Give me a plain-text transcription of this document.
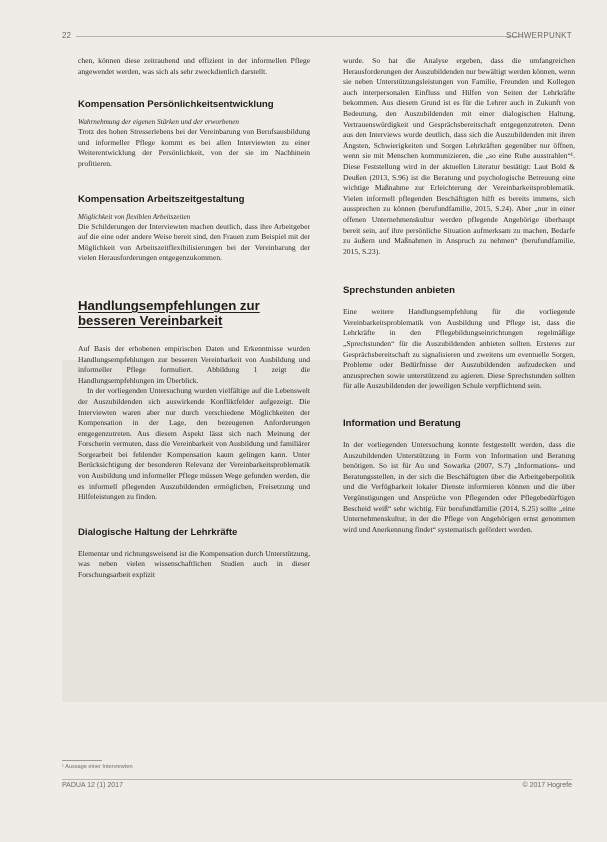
22	SCHWERPUNKT

chen, können diese zeitraubend und effizient in der informellen Pflege angewendet werden, was sich als sehr zweckdienlich darstellt.

Kompensation Persönlichkeitsentwicklung
Wahrnehmung der eigenen Stärken und der erworbenen

Trotz des hohen Stresserlebens bei der Vereinbarung von Berufsausbildung und informeller Pflege kommt es bei allen Interviewten zu einer Weiterentwicklung der Persönlichkeit, von der sie im Nachhinein profitieren.

Kompensation Arbeitszeitgestaltung
Möglichkeit von flexiblen Arbeitszeiten

Die Schilderungen der Interviewten machen deutlich, dass ihre Arbeitgeber auf die eine oder andere Weise bereit sind, den Frauen zum Beispiel mit der Möglichkeit von Arbeitszeitflexibilisierungen bei der Vereinbarung der vielen Herausforderungen entgegenzukommen.

Handlungsempfehlungen zur besseren Vereinbarkeit

Auf Basis der erhobenen empirischen Daten und Erkenntnisse wurden Handlungsempfehlungen zur besseren Vereinbarkeit von Ausbildung und informeller Pflege formuliert. Abbildung 1 zeigt die Handlungsempfehlungen im Überblick.

In der vorliegenden Untersuchung wurden vielfältige auf die Lebenswelt der Auszubildenden sich auswirkende Konfliktfelder aufgezeigt. Die Interviewten waren aber nur durch verschiedene Möglichkeiten der Kompensation in der Lage, den bezeugenen Anforderungen entgegenzutreten. Aus diesem Aspekt lässt sich nach Meinung der Forscherin vermuten, dass die Vereinbarkeit von Ausbildung und familiärer Sorgearbeit bei fehlender Kompensation kaum gelingen kann. Unter Berücksichtigung der besonderen Relevanz der Vereinbarkeitsproblematik von Ausbildung und informeller Pflege müssen Wege gefunden werden, die es informell pflegenden Auszubildenden ermöglichen, Freisetzung und Hilfeleistungen zu finden.

Dialogische Haltung der Lehrkräfte

Elementar und richtungsweisend ist die Kompensation durch Unterstützung, was neben vielen wissenschaftlichen Studien auch in dieser Forschungsarbeit explizit

wurde. So hat die Analyse ergeben, dass die umfangreichen Herausforderungen der Auszubildenden nur bewältigt werden können, wenn sie neben Unterstützungsleistungen von Familie, Freunden und Kollegen auch interpersonalen Einfluss und Hilfen von Seiten der Lehrkräfte bekommen. Aus diesem Grund ist es für die Lehrer auch in Zukunft von Bedeutung, den Auszubildenden mit einer dialogischen Haltung, Vertrauenswürdigkeit und Gesprächsbereitschaft entgegenzutreten. Denn aus den Interviews wurde deutlich, dass sich die Auszubildenden mit ihren Ängsten, Schwierigkeiten und Sorgen Lehrkräften gegenüber nur öffnen, wenn sie mit Menschen kommunizieren, die „so eine Ruhe ausstrahlen“¹. Diese Feststellung wird in der aktuellen Literatur bestätigt: Laut Bold & Deußen (2013, S.96) ist die Beratung und psychologische Betreuung eine wichtige Maßnahme zur Erleichterung der Vereinbarkeitsproblematik. Vielen informell pflegenden Beschäftigten hilft es bereits immens, sich aussprechen zu können (berufundfamilie, 2015, S.24). Aber „nur in einer offenen Unternehmenskultur werden pflegende Angehörige überhaupt bereit sein, auf ihre persönliche Situation aufmerksam zu machen, Bedarfe zu äußern und Maßnahmen in Anspruch zu nehmen“ (berufundfamilie, 2015, S.23).

Sprechstunden anbieten

Eine weitere Handlungsempfehlung für die vorliegende Vereinbarkeitsproblematik von Ausbildung und Pflege ist, dass die Lehrkräfte in den Pflegebildungseinrichtungen regelmäßige „Sprechstunden“ für die Auszubildenden anbieten sollten. Ersteres zur Gesprächsbereitschaft zu signalisieren und zweitens um eventuelle Sorgen, Probleme oder Bedürfnisse der Auszubildenden aufzudecken und anzusprechen sowie unterstützend zu agieren. Diese Sprechstunden sollten für alle Auszubildenden der jeweiligen Schule verpflichtend sein.

Information und Beratung

In der vorliegenden Untersuchung konnte festgestellt werden, dass die Auszubildenden Unterstützung in Form von Information und Beratung benötigen. So ist für Au und Sowarka (2007, S.7) „Informations- und Beratungsstellen, in der sich die Beschäftigten über die Arbeitgeberpolitik und die Verfügbarkeit lokaler Dienste informieren können und die über Vergünstigungen und Ansprüche von Pflegenden oder Pflegebedürftigen Bescheid weiß“ sehr wichtig. Für berufundfamilie (2014, S.25) sollte „eine Unternehmenskultur, in der die Pflege von Angehörigen ernst genommen wird und Anerkennung findet“ systematisch gefördert werden.

¹ Aussage einer Interviewten
PADUA 12 (1) 2017	© 2017 Hogrefe
